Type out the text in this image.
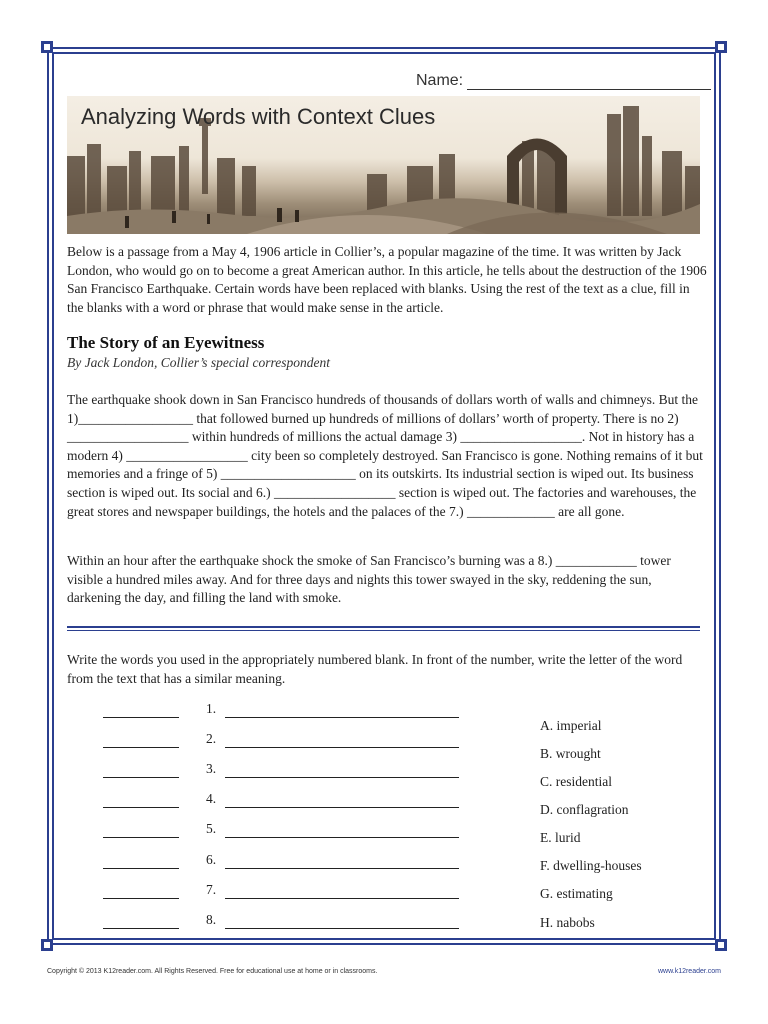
Name:
Analyzing Words with Context Clues

Below is a passage from a May 4, 1906 article in Collier’s, a popular magazine of the time. It was written by Jack London, who would go on to become a great American author. In this article, he tells about the destruction of the 1906 San Francisco Earthquake. Certain words have been replaced with blanks. Using the rest of the text as a clue, fill in the blanks with a word or phrase that would make sense in the article.

The Story of an Eyewitness

By Jack London, Collier’s special correspondent

The earthquake shook down in San Francisco hundreds of thousands of dollars worth of walls and chimneys. But the 1)_________________ that followed burned up hundreds of millions of dollars’ worth of property. There is no 2) __________________ within hundreds of millions the actual damage 3) __________________. Not in history has a modern 4) __________________ city been so completely destroyed. San Francisco is gone. Nothing remains of it but memories and a fringe of 5) ____________________ on its outskirts. Its industrial section is wiped out. Its business section is wiped out. Its social and 6.) __________________ section is wiped out. The factories and warehouses, the great stores and newspaper buildings, the hotels and the palaces of the 7.) _____________ are all gone.

Within an hour after the earthquake shock the smoke of San Francisco’s burning was a 8.) ____________ tower visible a hundred miles away. And for three days and nights this tower swayed in the sky, reddening the sun, darkening the day, and filling the land with smoke.

Write the words you used in the appropriately numbered blank. In front of the number, write the letter of the word from the text that has a similar meaning.

1.
2.
3.
4.
5.
6.
7.
8.
A. imperial
B. wrought
C. residential
D. conflagration
E. lurid
F. dwelling-houses
G. estimating
H. nabobs
Copyright © 2013 K12reader.com. All Rights Reserved. Free for educational use at home or in classrooms.	www.k12reader.com
